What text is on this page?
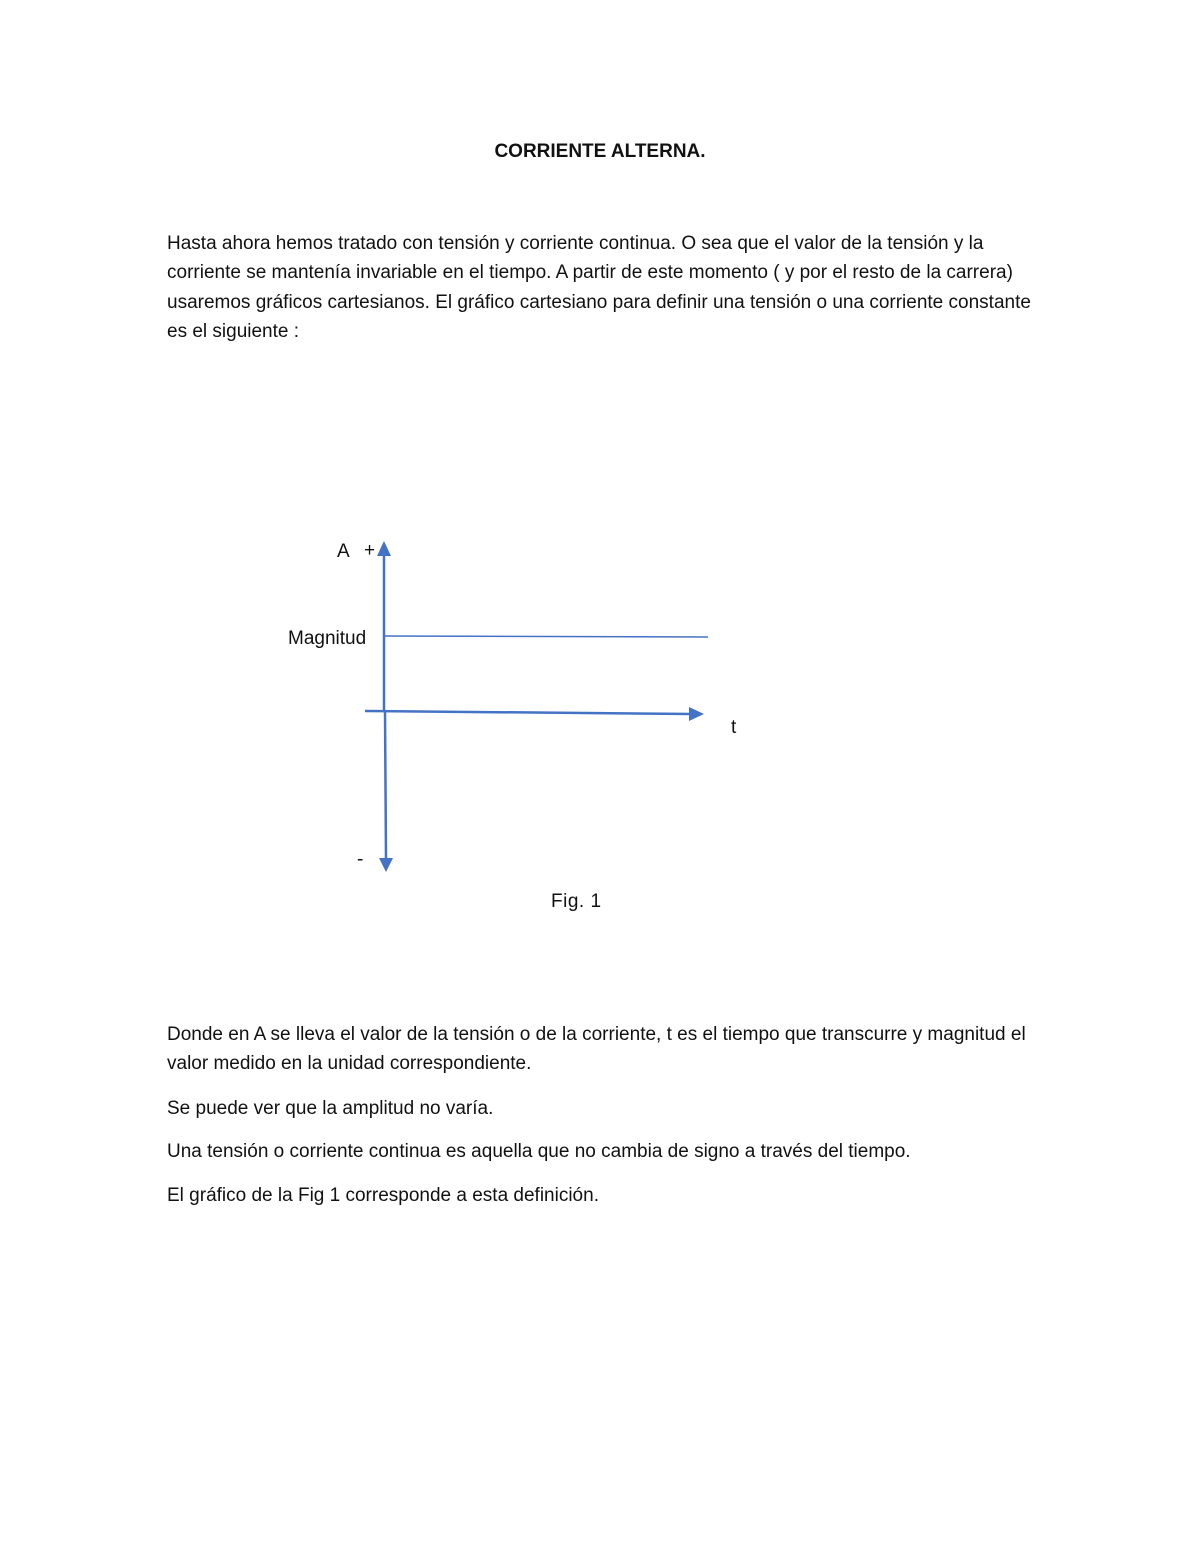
CORRIENTE ALTERNA.

Hasta ahora hemos tratado con tensión y corriente continua. O sea que el valor de la tensión y la corriente se mantenía invariable en el tiempo. A partir de este momento ( y por el resto de la carrera) usaremos gráficos cartesianos. El gráfico cartesiano para definir una tensión o una corriente constante es el siguiente :

A +
Magnitud
t
-
Fig. 1

Donde en A se lleva el valor de la tensión o de la corriente, t es el tiempo que transcurre y magnitud el valor medido en la unidad correspondiente.

Se puede ver que la amplitud no varía.

Una tensión o corriente continua es aquella que no cambia de signo a través del tiempo.

El gráfico de la Fig 1 corresponde a esta definición.
